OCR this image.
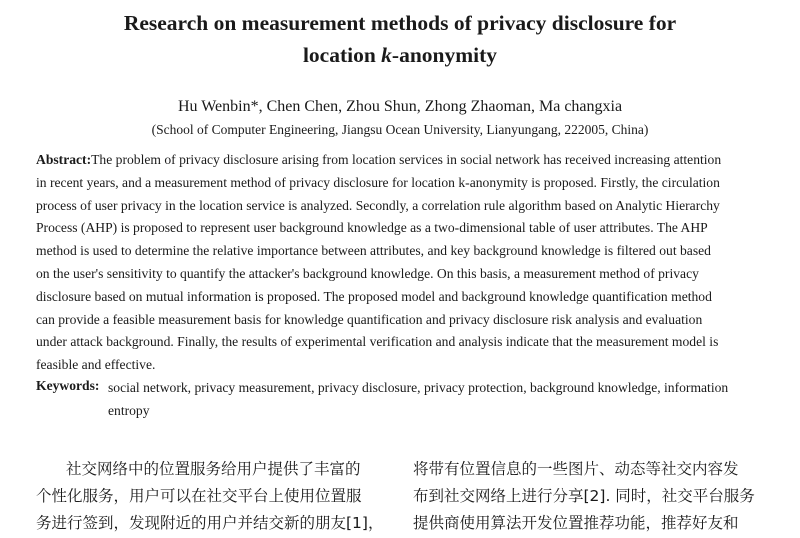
Research on measurement methods of privacy disclosure for
location k-anonymity
Hu Wenbin*, Chen Chen, Zhou Shun, Zhong Zhaoman, Ma changxia
(School of Computer Engineering, Jiangsu Ocean University, Lianyungang, 222005, China)
Abstract:The problem of privacy disclosure arising from location services in social network has received increasing attention
in recent years, and a measurement method of privacy disclosure for location k-anonymity is proposed. Firstly, the circulation
process of user privacy in the location service is analyzed. Secondly, a correlation rule algorithm based on Analytic Hierarchy
Process (AHP) is proposed to represent user background knowledge as a two-dimensional table of user attributes. The AHP
method is used to determine the relative importance between attributes, and key background knowledge is filtered out based
on the user's sensitivity to quantify the attacker's background knowledge. On this basis, a measurement method of privacy
disclosure based on mutual information is proposed. The proposed model and background knowledge quantification method
can provide a feasible measurement basis for knowledge quantification and privacy disclosure risk analysis and evaluation
under attack background. Finally, the results of experimental verification and analysis indicate that the measurement model is
feasible and effective.
Keywords: social network, privacy measurement, privacy disclosure, privacy protection, background knowledge, information
entropy
社交网络中的位置服务给用户提供了丰富的
个性化服务，用户可以在社交平台上使用位置服
务进行签到，发现附近的用户并结交新的朋友[1]，
将带有位置信息的一些图片、动态等社交内容发
布到社交网络上进行分享[2]. 同时，社交平台服务
提供商使用算法开发位置推荐功能，推荐好友和
